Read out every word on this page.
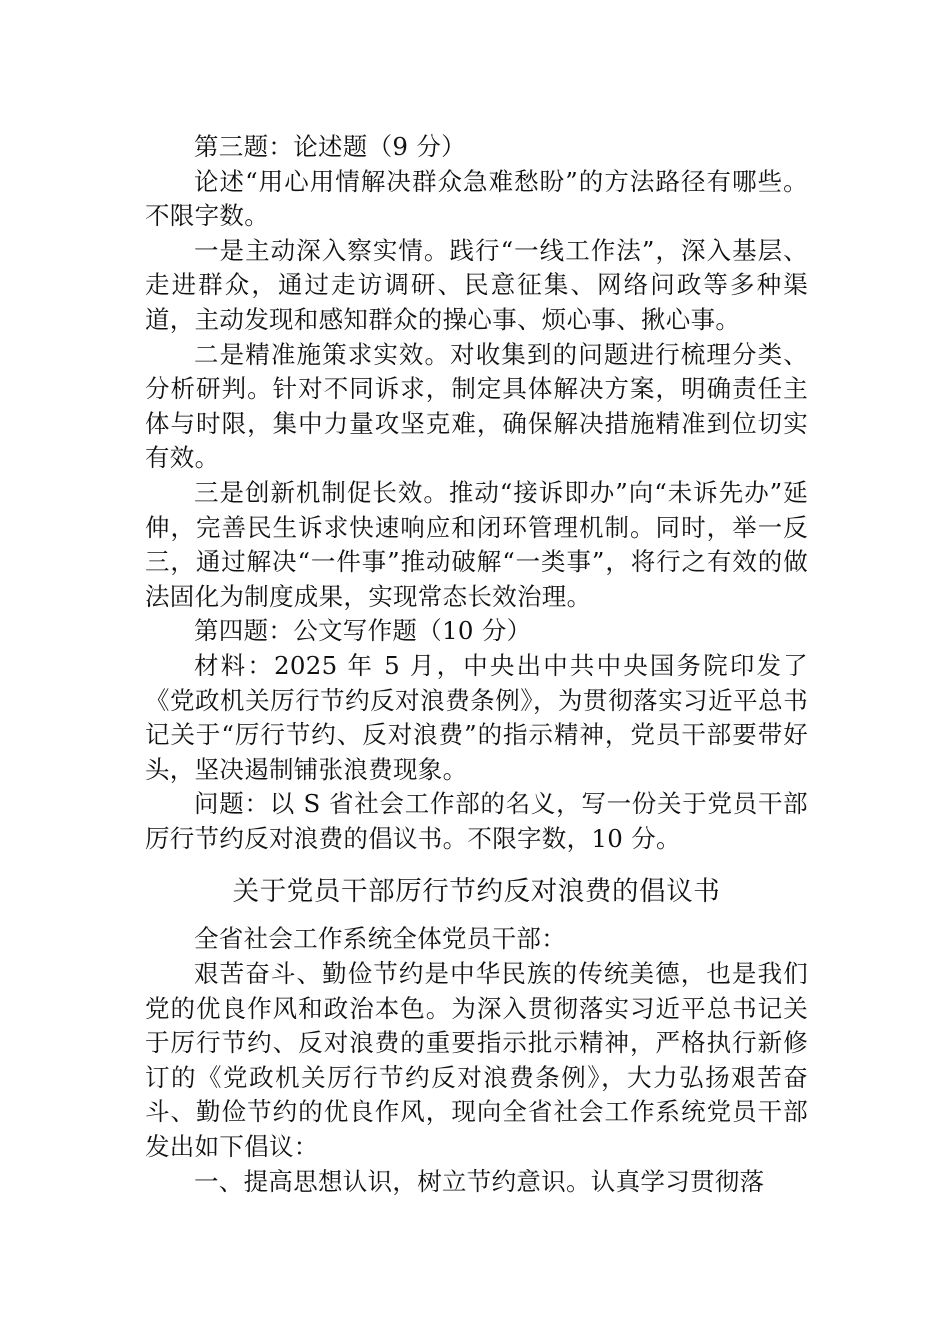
第三题：论述题（9 分）

论述“用心用情解决群众急难愁盼”的方法路径有哪些。不限字数。

一是主动深入察实情。践行“一线工作法”，深入基层、走进群众，通过走访调研、民意征集、网络问政等多种渠道，主动发现和感知群众的操心事、烦心事、揪心事。

二是精准施策求实效。对收集到的问题进行梳理分类、分析研判。针对不同诉求，制定具体解决方案，明确责任主体与时限，集中力量攻坚克难，确保解决措施精准到位切实有效。

三是创新机制促长效。推动“接诉即办”向“未诉先办”延伸，完善民生诉求快速响应和闭环管理机制。同时，举一反三，通过解决“一件事”推动破解“一类事”，将行之有效的做法固化为制度成果，实现常态长效治理。

第四题：公文写作题（10 分）

材料：2025 年 5 月，中央出中共中央国务院印发了《党政机关厉行节约反对浪费条例》，为贯彻落实习近平总书记关于“厉行节约、反对浪费”的指示精神，党员干部要带好头，坚决遏制铺张浪费现象。

问题：以 S 省社会工作部的名义，写一份关于党员干部厉行节约反对浪费的倡议书。不限字数，10 分。

关于党员干部厉行节约反对浪费的倡议书

全省社会工作系统全体党员干部：

艰苦奋斗、勤俭节约是中华民族的传统美德，也是我们党的优良作风和政治本色。为深入贯彻落实习近平总书记关于厉行节约、反对浪费的重要指示批示精神，严格执行新修订的《党政机关厉行节约反对浪费条例》，大力弘扬艰苦奋斗、勤俭节约的优良作风，现向全省社会工作系统党员干部发出如下倡议：

一、提高思想认识，树立节约意识。认真学习贯彻落
